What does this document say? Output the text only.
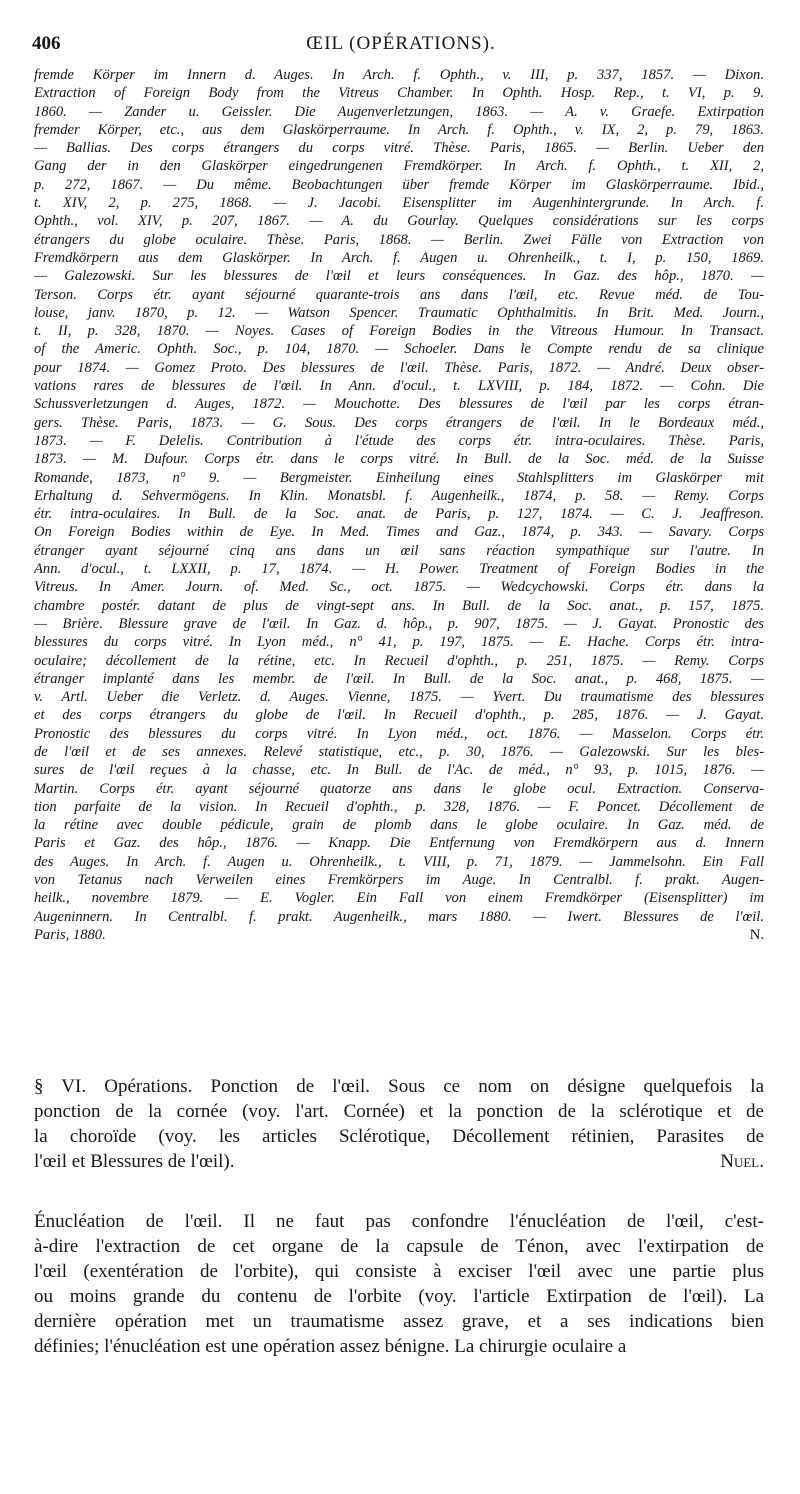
406	ŒIL (OPÉRATIONS).
fremde Körper im Innern d. Auges. In Arch. f. Ophth., v. III, p. 337, 1857. — Dixon.
Extraction of Foreign Body from the Vitreus Chamber. In Ophth. Hosp. Rep., t. VI, p. 9.
1860. — Zander u. Geissler. Die Augenverletzungen, 1863. — A. v. Graefe. Extirpation
fremder Körper, etc., aus dem Glaskörperraume. In Arch. f. Ophth., v. IX, 2, p. 79, 1863.
— Ballias. Des corps étrangers du corps vitré. Thèse. Paris, 1865. — Berlin. Ueber den
Gang der in den Glaskörper eingedrungenen Fremdkörper. In Arch. f. Ophth., t. XII, 2,
p. 272, 1867. — Du même. Beobachtungen über fremde Körper im Glaskörperraume. Ibid.,
t. XIV, 2, p. 275, 1868. — J. Jacobi. Eisensplitter im Augenhintergrunde. In Arch. f.
Ophth., vol. XIV, p. 207, 1867. — A. du Gourlay. Quelques considérations sur les corps
étrangers du globe oculaire. Thèse. Paris, 1868. — Berlin. Zwei Fälle von Extraction von
Fremdkörpern aus dem Glaskörper. In Arch. f. Augen u. Ohrenheilk., t. I, p. 150, 1869.
— Galezowski. Sur les blessures de l'œil et leurs conséquences. In Gaz. des hôp., 1870. —
Terson. Corps étr. ayant séjourné quarante-trois ans dans l'œil, etc. Revue méd. de Tou-
louse, janv. 1870, p. 12. — Watson Spencer. Traumatic Ophthalmitis. In Brit. Med. Journ.,
t. II, p. 328, 1870. — Noyes. Cases of Foreign Bodies in the Vitreous Humour. In Transact.
of the Americ. Ophth. Soc., p. 104, 1870. — Schoeler. Dans le Compte rendu de sa clinique
pour 1874. — Gomez Proto. Des blessures de l'œil. Thèse. Paris, 1872. — André. Deux obser-
vations rares de blessures de l'œil. In Ann. d'ocul., t. LXVIII, p. 184, 1872. — Cohn. Die
Schussverletzungen d. Auges, 1872. — Mouchotte. Des blessures de l'œil par les corps étran-
gers. Thèse. Paris, 1873. — G. Sous. Des corps étrangers de l'œil. In le Bordeaux méd.,
1873. — F. Delelis. Contribution à l'étude des corps étr. intra-oculaires. Thèse. Paris,
1873. — M. Dufour. Corps étr. dans le corps vitré. In Bull. de la Soc. méd. de la Suisse
Romande, 1873, n° 9. — Bergmeister. Einheilung eines Stahlsplitters im Glaskörper mit
Erhaltung d. Sehvermögens. In Klin. Monatsbl. f. Augenheilk., 1874, p. 58. — Remy. Corps
étr. intra-oculaires. In Bull. de la Soc. anat. de Paris, p. 127, 1874. — C. J. Jeaffreson.
On Foreign Bodies within de Eye. In Med. Times and Gaz., 1874, p. 343. — Savary. Corps
étranger ayant séjourné cinq ans dans un œil sans réaction sympathique sur l'autre. In
Ann. d'ocul., t. LXXII, p. 17, 1874. — H. Power. Treatment of Foreign Bodies in the
Vitreus. In Amer. Journ. of. Med. Sc., oct. 1875. — Wedcychowski. Corps étr. dans la
chambre postér. datant de plus de vingt-sept ans. In Bull. de la Soc. anat., p. 157, 1875.
— Brière. Blessure grave de l'œil. In Gaz. d. hôp., p. 907, 1875. — J. Gayat. Pronostic des
blessures du corps vitré. In Lyon méd., n° 41, p. 197, 1875. — E. Hache. Corps étr. intra-
oculaire; décollement de la rétine, etc. In Recueil d'ophth., p. 251, 1875. — Remy. Corps
étranger implanté dans les membr. de l'œil. In Bull. de la Soc. anat., p. 468, 1875. —
v. Artl. Ueber die Verletz. d. Auges. Vienne, 1875. — Yvert. Du traumatisme des blessures
et des corps étrangers du globe de l'œil. In Recueil d'ophth., p. 285, 1876. — J. Gayat.
Pronostic des blessures du corps vitré. In Lyon méd., oct. 1876. — Masselon. Corps étr.
de l'œil et de ses annexes. Relevé statistique, etc., p. 30, 1876. — Galezowski. Sur les bles-
sures de l'œil reçues à la chasse, etc. In Bull. de l'Ac. de méd., n° 93, p. 1015, 1876. —
Martin. Corps étr. ayant séjourné quatorze ans dans le globe ocul. Extraction. Conserva-
tion parfaite de la vision. In Recueil d'ophth., p. 328, 1876. — F. Poncet. Décollement de
la rétine avec double pédicule, grain de plomb dans le globe oculaire. In Gaz. méd. de
Paris et Gaz. des hôp., 1876. — Knapp. Die Entfernung von Fremdkörpern aus d. Innern
des Auges. In Arch. f. Augen u. Ohrenheilk., t. VIII, p. 71, 1879. — Jammelsohn. Ein Fall
von Tetanus nach Verweilen eines Fremkörpers im Auge. In Centralbl. f. prakt. Augen-
heilk., novembre 1879. — E. Vogler. Ein Fall von einem Fremdkörper (Eisensplitter) im
Augeninnern. In Centralbl. f. prakt. Augenheilk., mars 1880. — Iwert. Blessures de l'œil.
Paris, 1880.	N.
§ VI. Opérations. Ponction de l'œil. Sous ce nom on désigne quelquefois la
ponction de la cornée (voy. l'art. Cornée) et la ponction de la sclérotique et de
la choroïde (voy. les articles Sclérotique, Décollement rétinien, Parasites de
l'œil et Blessures de l'œil).	Nuel.
Énucléation de l'œil. Il ne faut pas confondre l'énucléation de l'œil, c'est-
à-dire l'extraction de cet organe de la capsule de Ténon, avec l'extirpation de
l'œil (exentération de l'orbite), qui consiste à exciser l'œil avec une partie plus
ou moins grande du contenu de l'orbite (voy. l'article Extirpation de l'œil). La
dernière opération met un traumatisme assez grave, et a ses indications bien
définies; l'énucléation est une opération assez bénigne. La chirurgie oculaire a
